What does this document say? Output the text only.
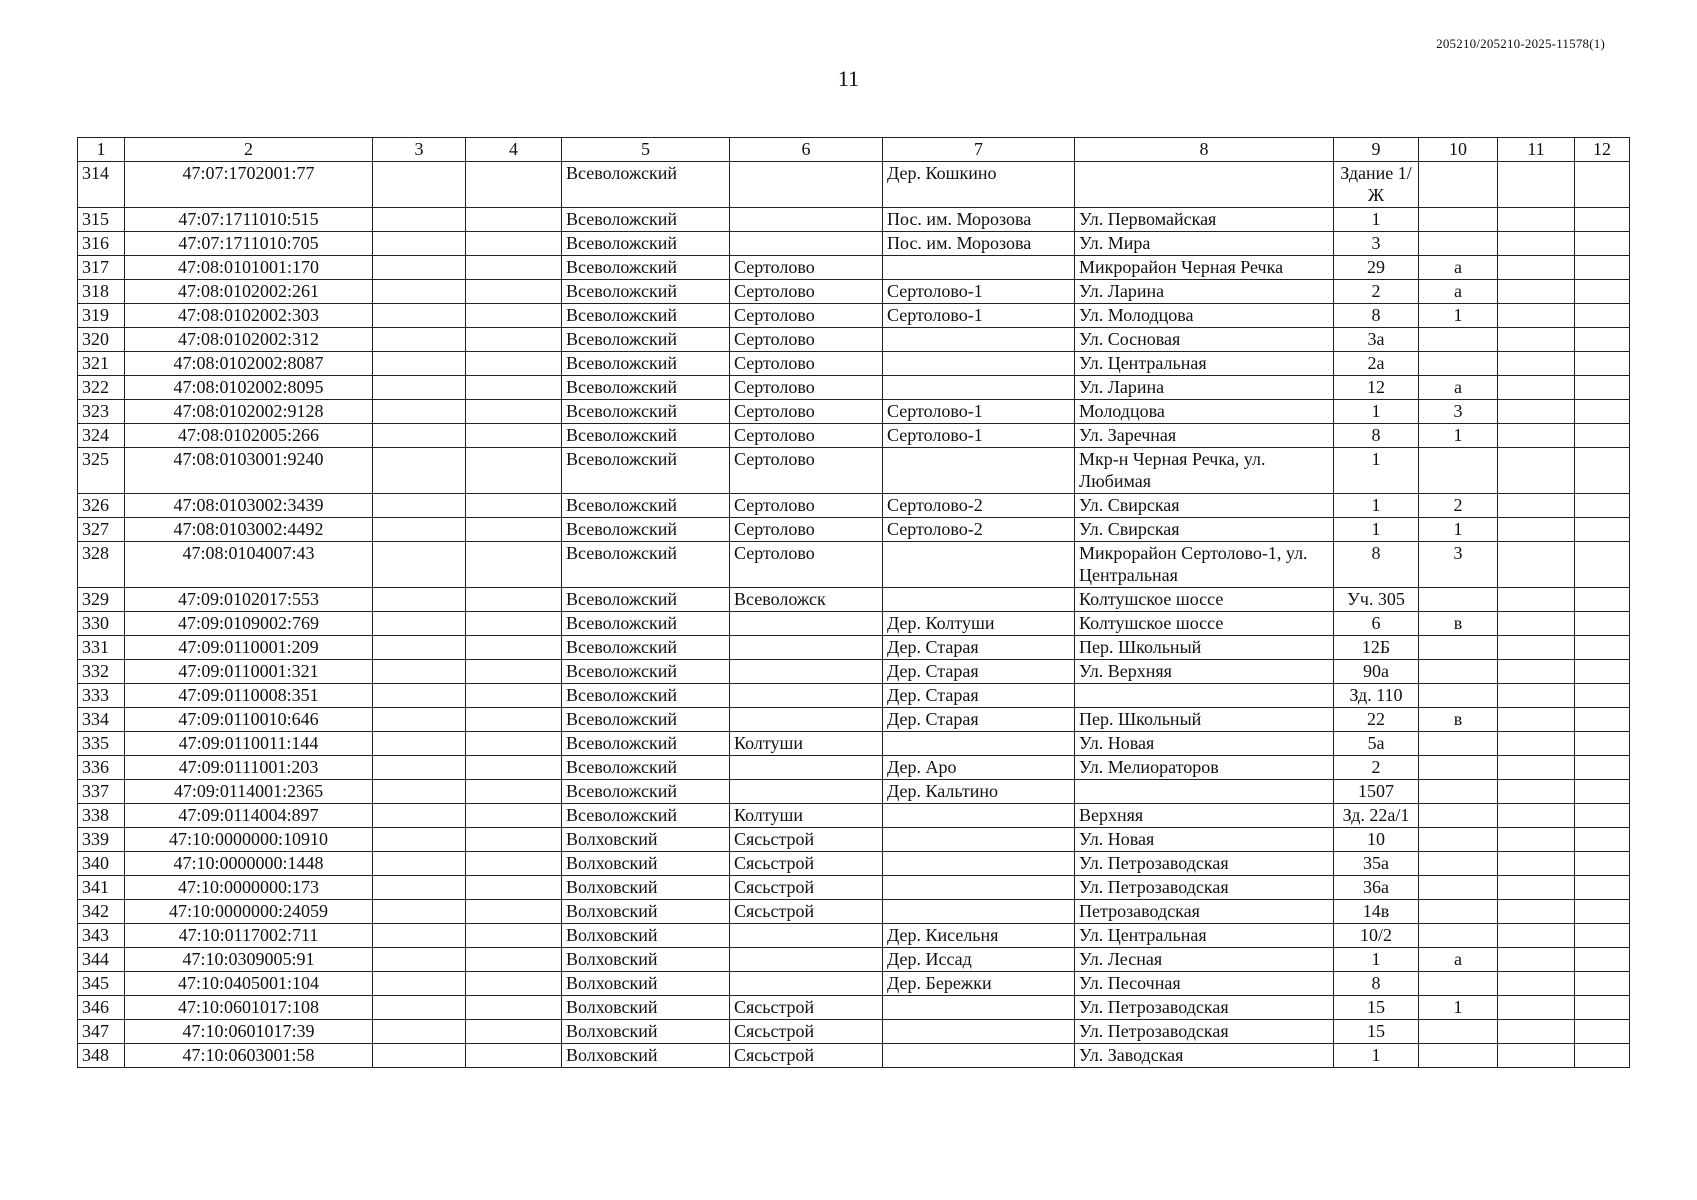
205210/205210-2025-11578(1)
11
1	2	3	4	5	6	7	8	9	10	11	12
314	47:07:1702001:77			Всеволожский		Дер. Кошкино		Здание 1/Ж			
315	47:07:1711010:515			Всеволожский		Пос. им. Морозова	Ул. Первомайская	1			
316	47:07:1711010:705			Всеволожский		Пос. им. Морозова	Ул. Мира	3			
317	47:08:0101001:170			Всеволожский	Сертолово		Микрорайон Черная Речка	29	а		
318	47:08:0102002:261			Всеволожский	Сертолово	Сертолово-1	Ул. Ларина	2	а		
319	47:08:0102002:303			Всеволожский	Сертолово	Сертолово-1	Ул. Молодцова	8	1		
320	47:08:0102002:312			Всеволожский	Сертолово		Ул. Сосновая	3а			
321	47:08:0102002:8087			Всеволожский	Сертолово		Ул. Центральная	2а			
322	47:08:0102002:8095			Всеволожский	Сертолово		Ул. Ларина	12	а		
323	47:08:0102002:9128			Всеволожский	Сертолово	Сертолово-1	Молодцова	1	3		
324	47:08:0102005:266			Всеволожский	Сертолово	Сертолово-1	Ул. Заречная	8	1		
325	47:08:0103001:9240			Всеволожский	Сертолово		Мкр-н Черная Речка, ул. Любимая	1			
326	47:08:0103002:3439			Всеволожский	Сертолово	Сертолово-2	Ул. Свирская	1	2		
327	47:08:0103002:4492			Всеволожский	Сертолово	Сертолово-2	Ул. Свирская	1	1		
328	47:08:0104007:43			Всеволожский	Сертолово		Микрорайон Сертолово-1, ул. Центральная	8	3		
329	47:09:0102017:553			Всеволожский	Всеволожск		Колтушское шоссе	Уч. 305			
330	47:09:0109002:769			Всеволожский		Дер. Колтуши	Колтушское шоссе	6	в		
331	47:09:0110001:209			Всеволожский		Дер. Старая	Пер. Школьный	12Б			
332	47:09:0110001:321			Всеволожский		Дер. Старая	Ул. Верхняя	90а			
333	47:09:0110008:351			Всеволожский		Дер. Старая		Зд. 110			
334	47:09:0110010:646			Всеволожский		Дер. Старая	Пер. Школьный	22	в		
335	47:09:0110011:144			Всеволожский	Колтуши		Ул. Новая	5а			
336	47:09:0111001:203			Всеволожский		Дер. Аро	Ул. Мелиораторов	2			
337	47:09:0114001:2365			Всеволожский		Дер. Кальтино		1507			
338	47:09:0114004:897			Всеволожский	Колтуши		Верхняя	Зд. 22а/1			
339	47:10:0000000:10910			Волховский	Сясьстрой		Ул. Новая	10			
340	47:10:0000000:1448			Волховский	Сясьстрой		Ул. Петрозаводская	35а			
341	47:10:0000000:173			Волховский	Сясьстрой		Ул. Петрозаводская	36а			
342	47:10:0000000:24059			Волховский	Сясьстрой		Петрозаводская	14в			
343	47:10:0117002:711			Волховский		Дер. Кисельня	Ул. Центральная	10/2			
344	47:10:0309005:91			Волховский		Дер. Иссад	Ул. Лесная	1	а		
345	47:10:0405001:104			Волховский		Дер. Бережки	Ул. Песочная	8			
346	47:10:0601017:108			Волховский	Сясьстрой		Ул. Петрозаводская	15	1		
347	47:10:0601017:39			Волховский	Сясьстрой		Ул. Петрозаводская	15			
348	47:10:0603001:58			Волховский	Сясьстрой		Ул. Заводская	1			
